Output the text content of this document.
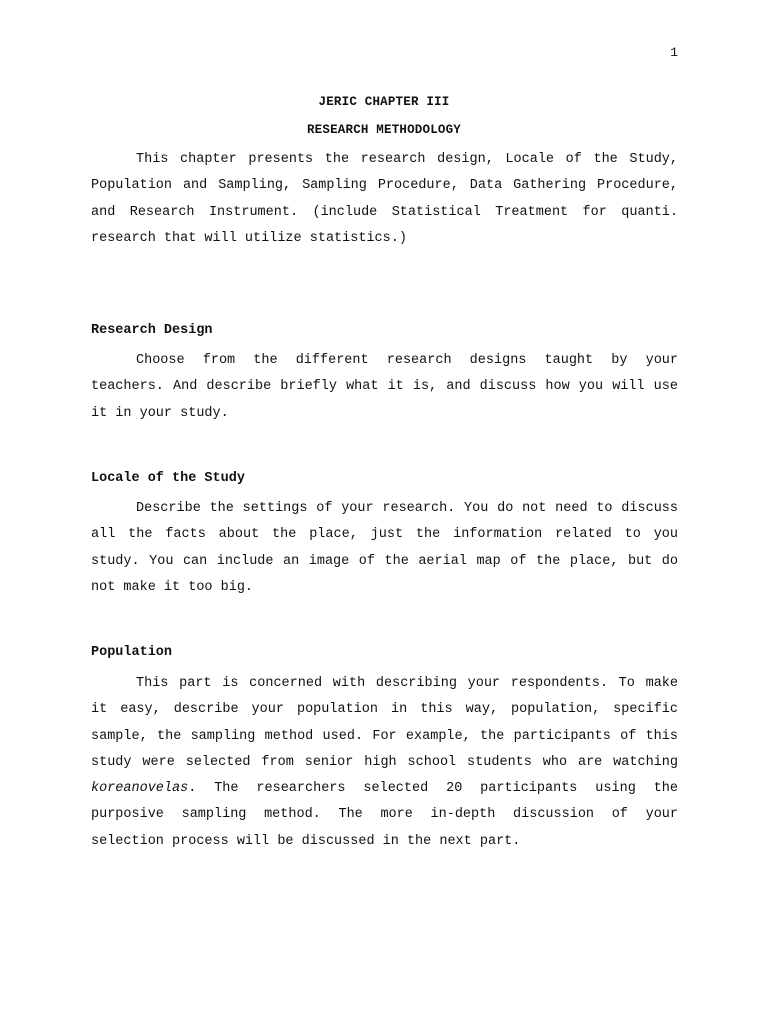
1
JERIC CHAPTER III
RESEARCH METHODOLOGY

This chapter presents the research design, Locale of the Study, Population and Sampling, Sampling Procedure, Data Gathering Procedure, and Research Instrument. (include Statistical Treatment for quanti. research that will utilize statistics.)

Research Design

Choose from the different research designs taught by your teachers. And describe briefly what it is, and discuss how you will use it in your study.

Locale of the Study

Describe the settings of your research. You do not need to discuss all the facts about the place, just the information related to you study. You can include an image of the aerial map of the place, but do not make it too big.

Population

This part is concerned with describing your respondents. To make it easy, describe your population in this way, population, specific sample, the sampling method used. For example, the participants of this study were selected from senior high school students who are watching koreanovelas. The researchers selected 20 participants using the purposive sampling method. The more in-depth discussion of your selection process will be discussed in the next part.
